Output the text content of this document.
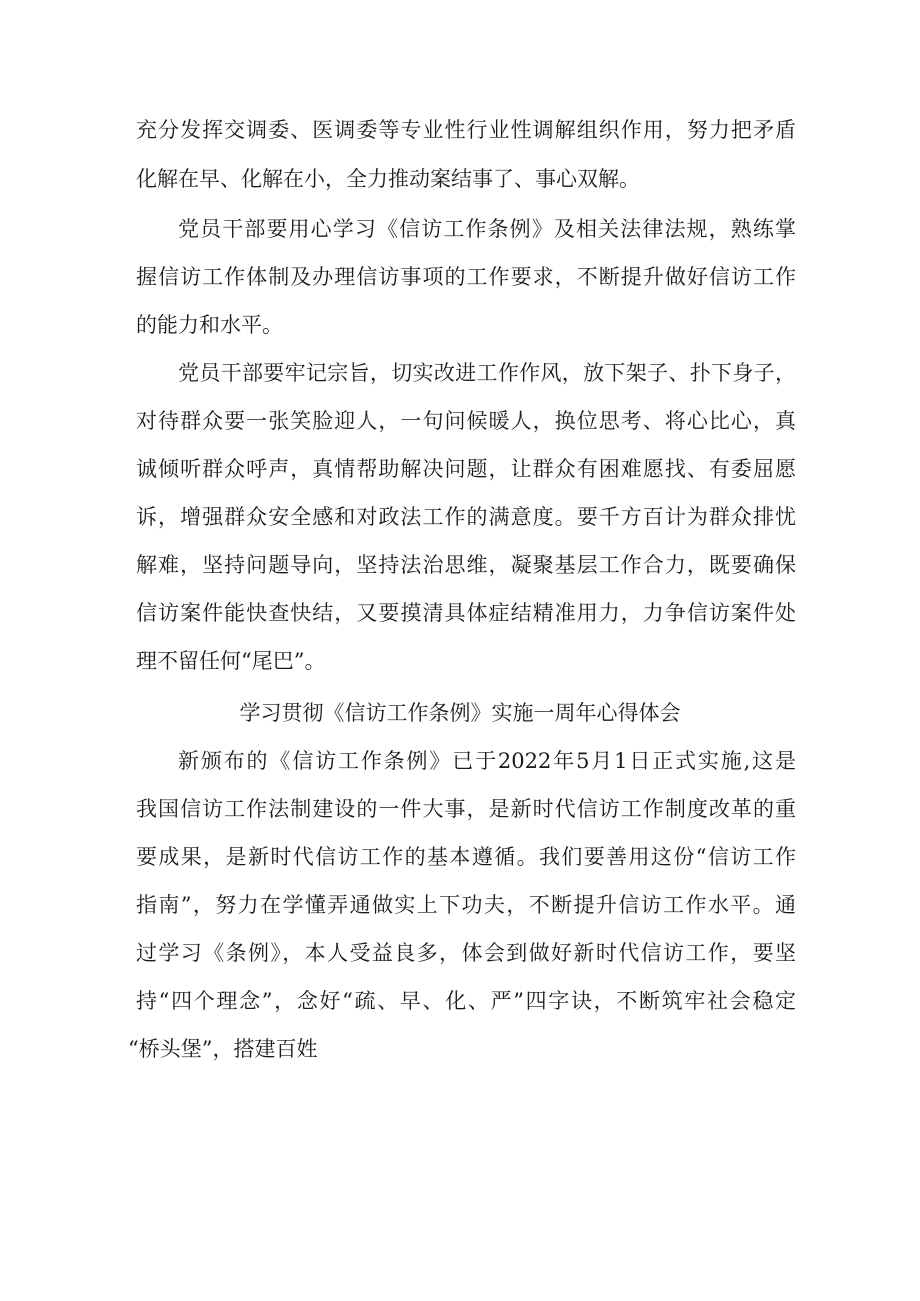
充分发挥交调委、医调委等专业性行业性调解组织作用，努力把矛盾
化解在早、化解在小，全力推动案结事了、事心双解。
党员干部要用心学习《信访工作条例》及相关法律法规，熟练掌
握信访工作体制及办理信访事项的工作要求，不断提升做好信访工作
的能力和水平。
党员干部要牢记宗旨，切实改进工作作风，放下架子、扑下身子，
对待群众要一张笑脸迎人，一句问候暖人，换位思考、将心比心，真
诚倾听群众呼声，真情帮助解决问题，让群众有困难愿找、有委屈愿
诉，增强群众安全感和对政法工作的满意度。要千方百计为群众排忧
解难，坚持问题导向，坚持法治思维，凝聚基层工作合力，既要确保
信访案件能快查快结，又要摸清具体症结精准用力，力争信访案件处
理不留任何“尾巴”。
学习贯彻《信访工作条例》实施一周年心得体会
新颁布的《信访工作条例》已于2022年5月1日正式实施,这是
我国信访工作法制建设的一件大事，是新时代信访工作制度改革的重
要成果，是新时代信访工作的基本遵循。我们要善用这份“信访工作
指南”，努力在学懂弄通做实上下功夫，不断提升信访工作水平。通
过学习《条例》，本人受益良多，体会到做好新时代信访工作，要坚
持“四个理念”，念好“疏、早、化、严”四字诀，不断筑牢社会稳定
“桥头堡”，搭建百姓
